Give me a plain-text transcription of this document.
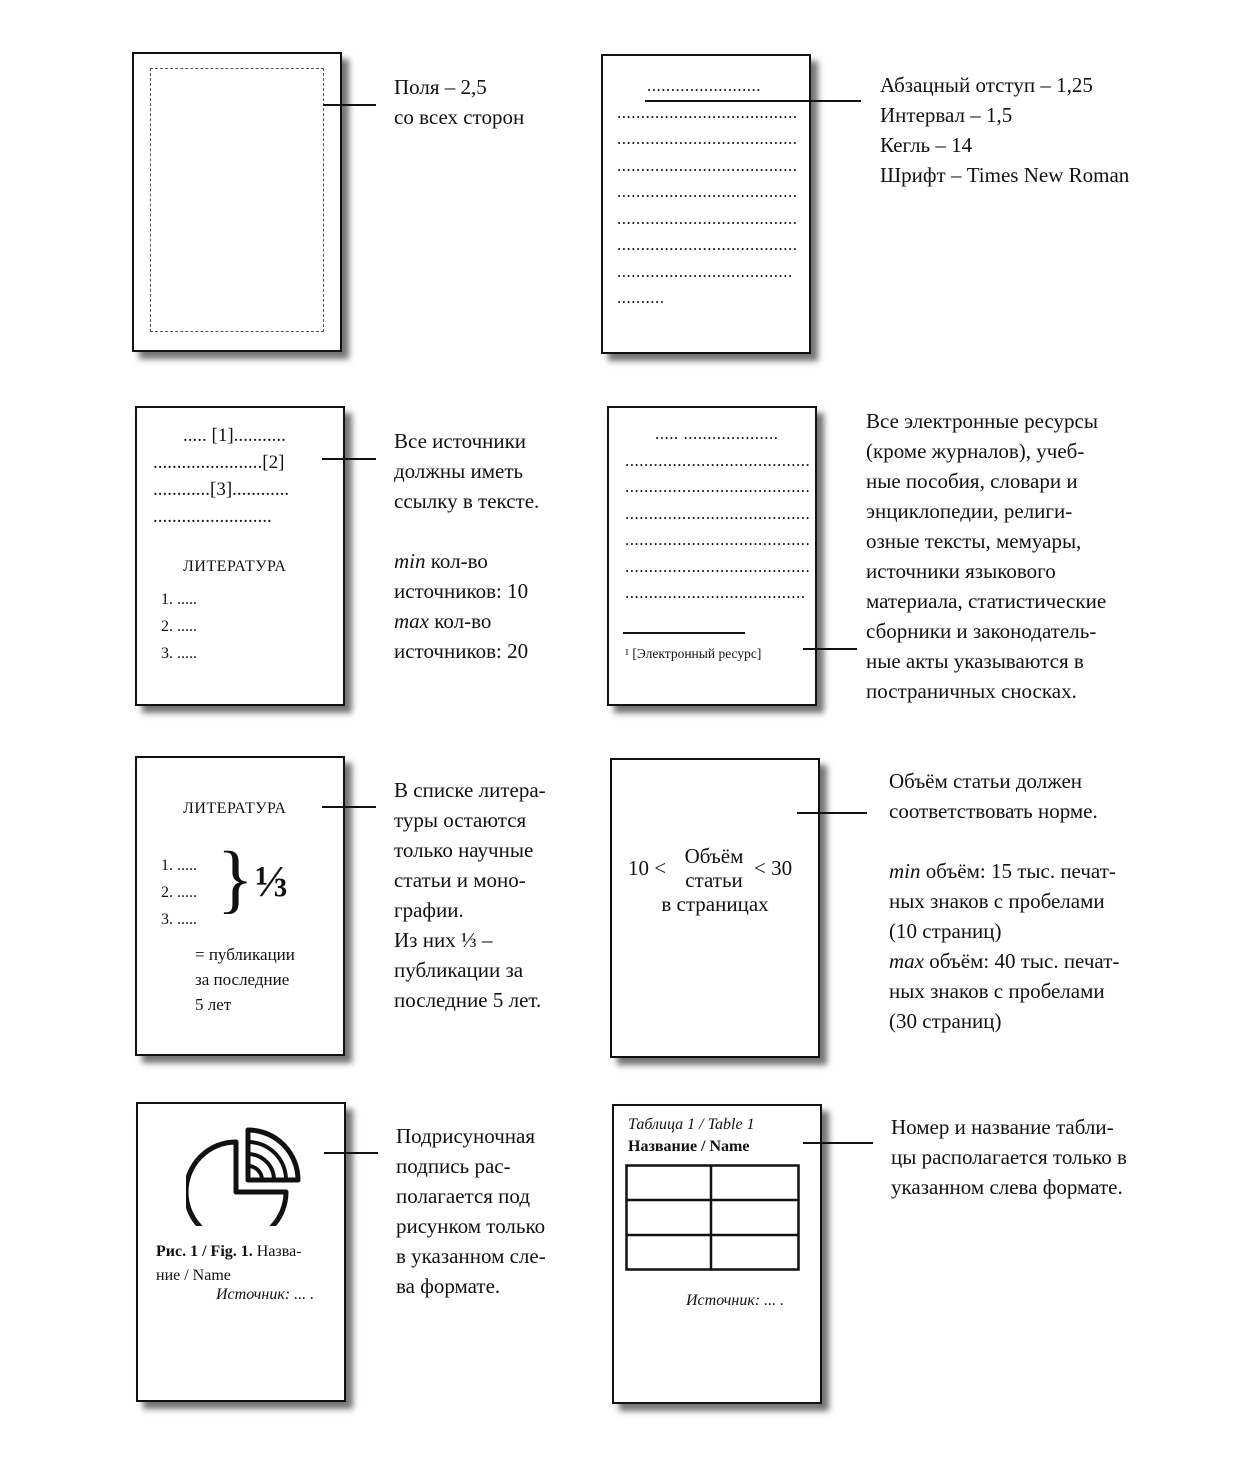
Поля – 2,5
со всех сторон
........................
......................................
......................................
......................................
......................................
......................................
......................................
.....................................
..........
Абзацный отступ – 1,25
Интервал – 1,5
Кегль – 14
Шрифт – Times New Roman
..... [1]...........
.......................[2]
............[3]............
.........................
ЛИТЕРАТУРА
1. .....
2. .....
3. .....
Все источники
должны иметь
ссылку в тексте.
min кол-во
источников: 10
max кол-во
источников: 20
..... ....................
.......................................
.......................................
.......................................
.......................................
.......................................
......................................
¹ [Электронный ресурс]
Все электронные ресурсы
(кроме журналов), учеб-
ные пособия, словари и
энциклопедии, религи-
озные тексты, мемуары,
источники языкового
материала, статистические
сборники и законодатель-
ные акты указываются в
постраничных сносках.
ЛИТЕРАТУРА
1. .....
2. .....
3. ..... } ⅓
= публикации
за последние
5 лет
В списке литера-
туры остаются
только научные
статьи и моно-
графии.
Из них ⅓ –
публикации за
последние 5 лет.
10 < Объём
статьи < 30
в страницах
Объём статьи должен
соответствовать норме.
min объём: 15 тыс. печат-
ных знаков с пробелами
(10 страниц)
max объём: 40 тыс. печат-
ных знаков с пробелами
(30 страниц)
Рис. 1 / Fig. 1. Назва-
ние / Name
Источник: ... .
Подрисуночная
подпись рас-
полагается под
рисунком только
в указанном сле-
ва формате.
Таблица 1 / Table 1
Название / Name
Источник: ... .
Номер и название табли-
цы располагается только в
указанном слева формате.
